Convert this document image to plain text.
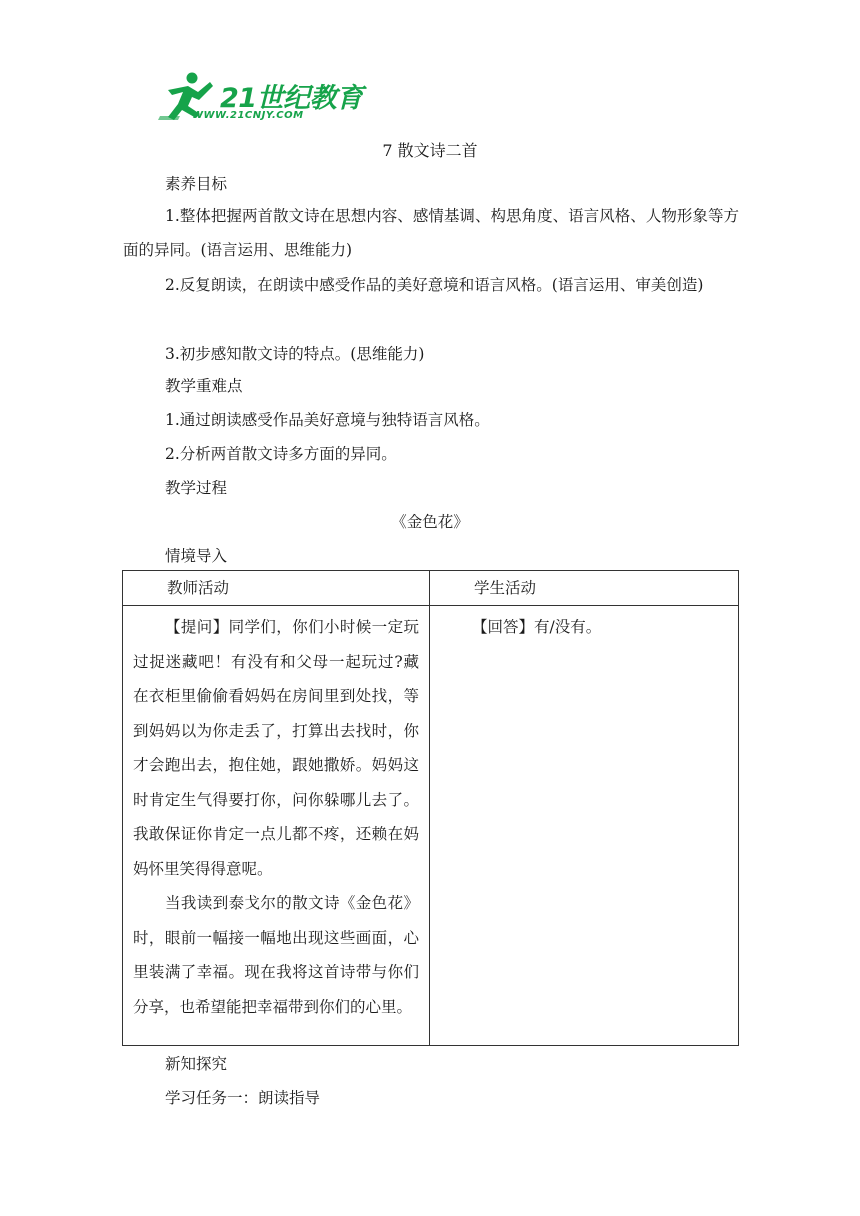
21世纪教育
WWW.21CNJY.COM
7 散文诗二首
素养目标
1.整体把握两首散文诗在思想内容、感情基调、构思角度、语言风格、人物形象等方面的异同。(语言运用、思维能力)
2.反复朗读，在朗读中感受作品的美好意境和语言风格。(语言运用、审美创造)
3.初步感知散文诗的特点。(思维能力)
教学重难点
1.通过朗读感受作品美好意境与独特语言风格。
2.分析两首散文诗多方面的异同。
教学过程
《金色花》
情境导入
教师活动	学生活动

【提问】同学们，你们小时候一定玩过捉迷藏吧！有没有和父母一起玩过?藏在衣柜里偷偷看妈妈在房间里到处找，等到妈妈以为你走丢了，打算出去找时，你才会跑出去，抱住她，跟她撒娇。妈妈这时肯定生气得要打你，问你躲哪儿去了。我敢保证你肯定一点儿都不疼，还赖在妈妈怀里笑得得意呢。

当我读到泰戈尔的散文诗《金色花》时，眼前一幅接一幅地出现这些画面，心里装满了幸福。现在我将这首诗带与你们分享，也希望能把幸福带到你们的心里。	【回答】有/没有。

新知探究
学习任务一：朗读指导
